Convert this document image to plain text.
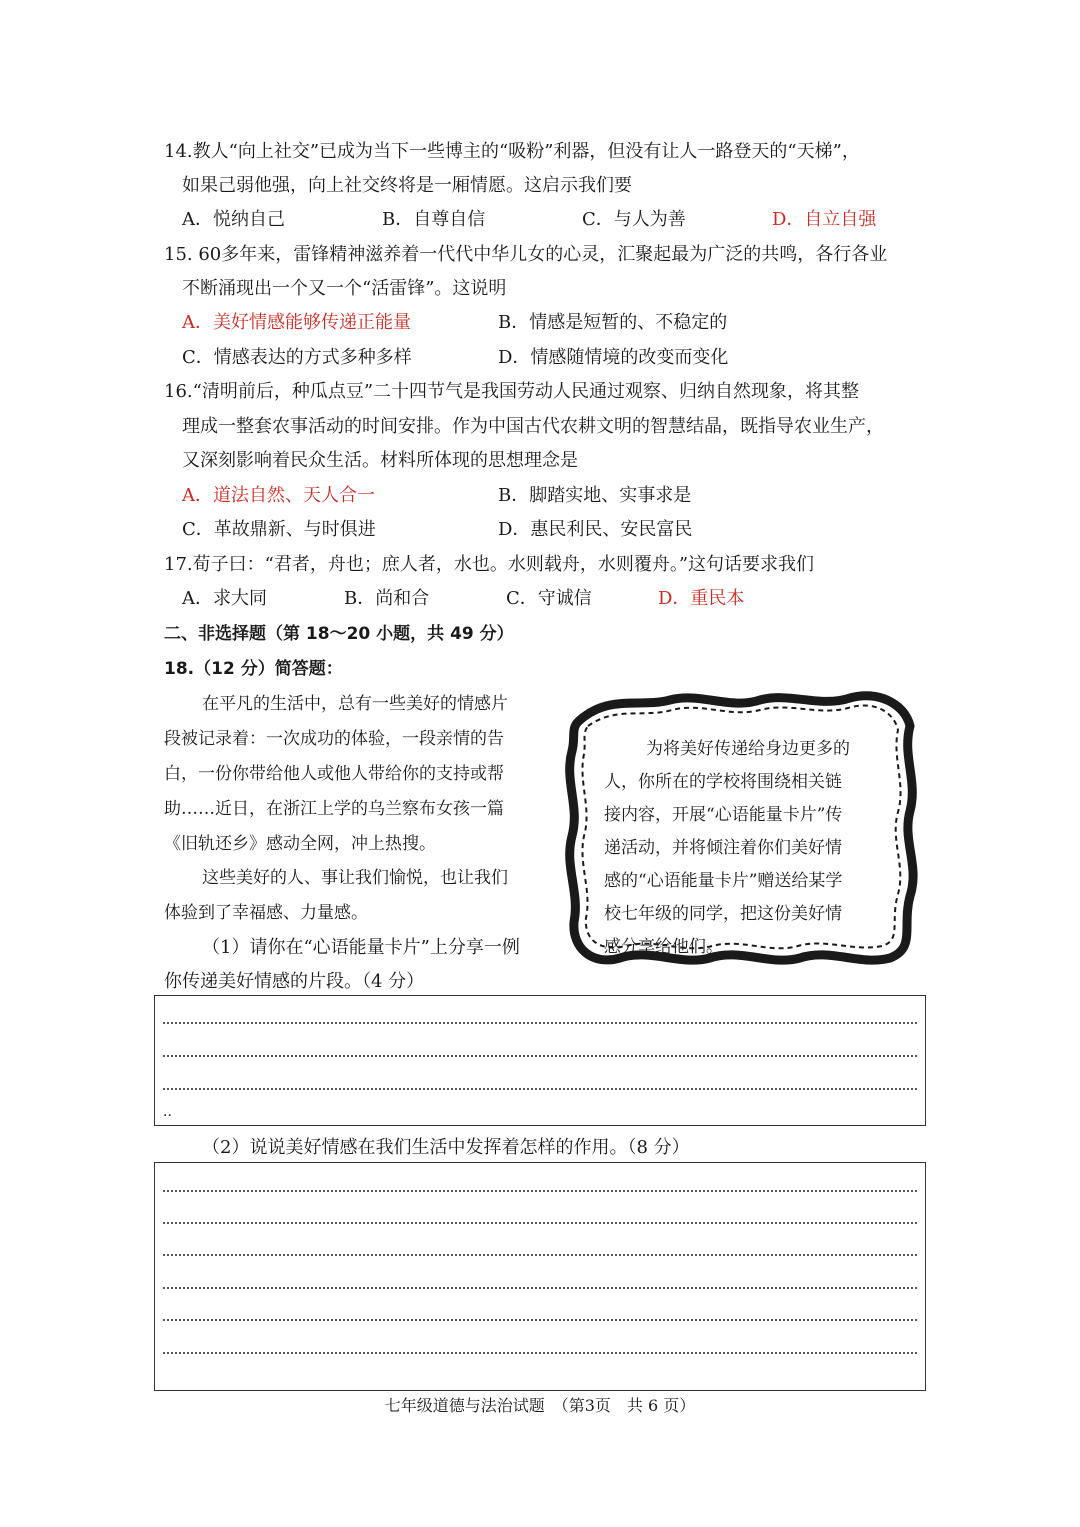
14.教人“向上社交”已成为当下一些博主的“吸粉”利器，但没有让人一路登天的“天梯”，
如果己弱他强，向上社交终将是一厢情愿。这启示我们要
A．悦纳自己	B．自尊自信	C．与人为善	D．自立自强
15. 60多年来，雷锋精神滋养着一代代中华儿女的心灵，汇聚起最为广泛的共鸣，各行各业
不断涌现出一个又一个“活雷锋”。这说明
A．美好情感能够传递正能量	B．情感是短暂的、不稳定的
C．情感表达的方式多种多样	D．情感随情境的改变而变化
16.“清明前后，种瓜点豆”二十四节气是我国劳动人民通过观察、归纳自然现象，将其整
理成一整套农事活动的时间安排。作为中国古代农耕文明的智慧结晶，既指导农业生产，
又深刻影响着民众生活。材料所体现的思想理念是
A．道法自然、天人合一	B．脚踏实地、实事求是
C．革故鼎新、与时俱进	D．惠民利民、安民富民
17.荀子曰：“君者，舟也；庶人者，水也。水则载舟，水则覆舟。”这句话要求我们
A．求大同	B．尚和合	C．守诚信	D．重民本
二、非选择题（第 18～20 小题，共 49 分）
18.（12 分）简答题：
在平凡的生活中，总有一些美好的情感片
段被记录着：一次成功的体验，一段亲情的告
白，一份你带给他人或他人带给你的支持或帮
助……近日，在浙江上学的乌兰察布女孩一篇
《旧轨还乡》感动全网，冲上热搜。
这些美好的人、事让我们愉悦，也让我们
体验到了幸福感、力量感。
为将美好传递给身边更多的
人，你所在的学校将围绕相关链
接内容，开展“心语能量卡片”传
递活动，并将倾注着你们美好情
感的“心语能量卡片”赠送给某学
校七年级的同学，把这份美好情
感分享给他们。
（1）请你在“心语能量卡片”上分享一例
你传递美好情感的片段。（4 分）
..
（2）说说美好情感在我们生活中发挥着怎样的作用。（8 分）
七年级道德与法治试题　（第3页　共 6 页）
